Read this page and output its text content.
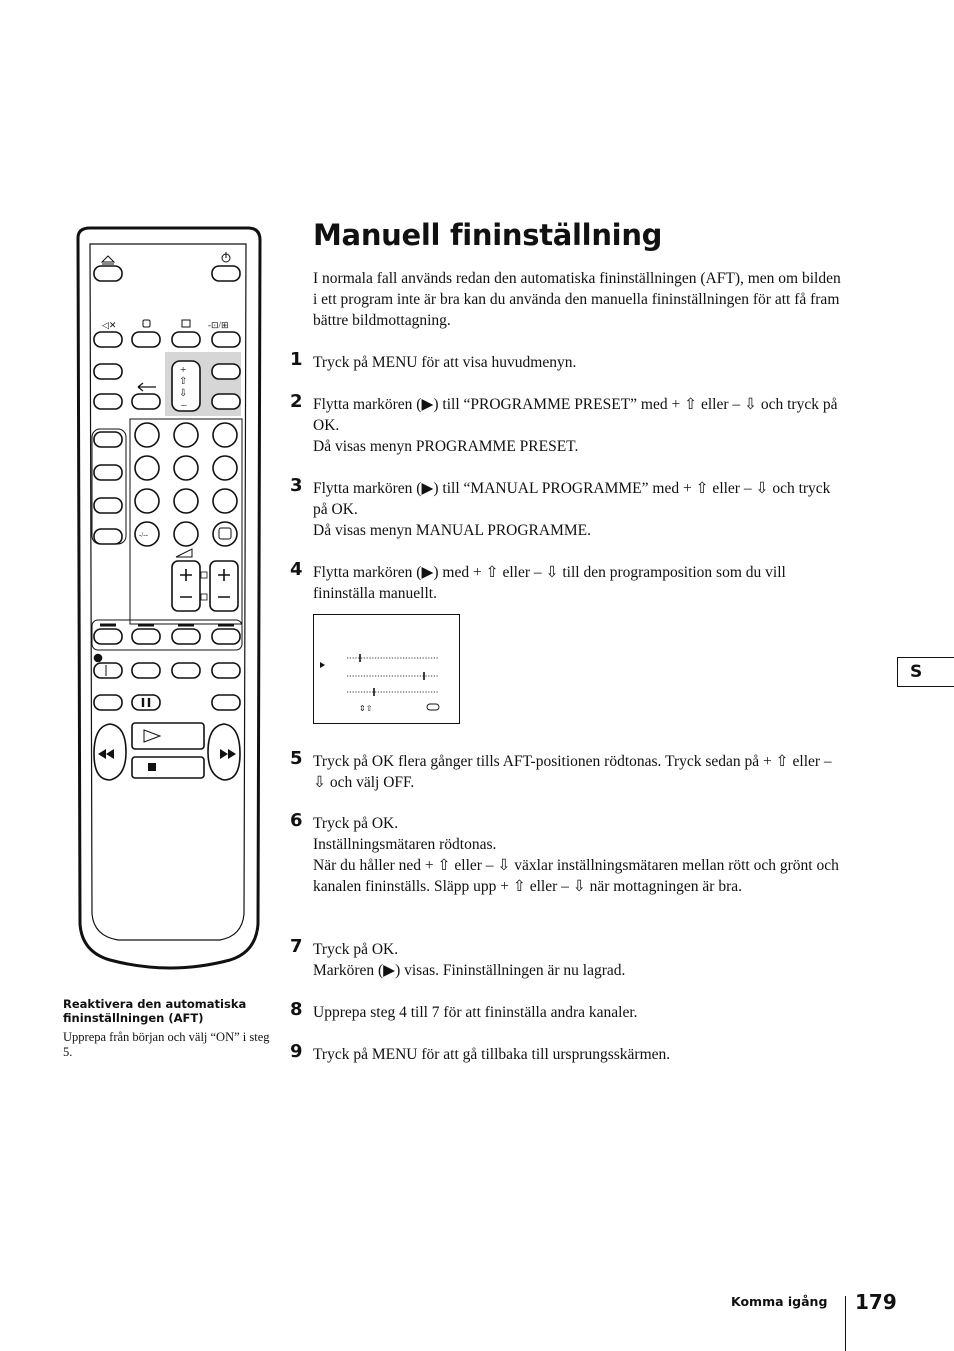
Manuell fininställning

I normala fall används redan den automatiska fininställningen (AFT), men om bilden i ett program inte är bra kan du använda den manuella fininställningen för att få fram bättre bildmottagning.

1 Tryck på MENU för att visa huvudmenyn.
2 Flytta markören (▶) till “PROGRAMME PRESET” med + ⇧ eller – ⇩ och tryck på OK.
Då visas menyn PROGRAMME PRESET.
3 Flytta markören (▶) till “MANUAL PROGRAMME” med + ⇧ eller – ⇩ och tryck på OK.
Då visas menyn MANUAL PROGRAMME.
4 Flytta markören (▶) med + ⇧ eller – ⇩ till den programposition som du vill fininställa manuellt.
⇕⇧
5 Tryck på OK flera gånger tills AFT-positionen rödtonas. Tryck sedan på + ⇧ eller – ⇩ och välj OFF.
6 Tryck på OK.
Inställningsmätaren rödtonas.
När du håller ned + ⇧ eller – ⇩ växlar inställningsmätaren mellan rött och grönt och kanalen fininställs. Släpp upp + ⇧ eller – ⇩ när mottagningen är bra.
7 Tryck på OK.
Markören (▶) visas. Fininställningen är nu lagrad.
8 Upprepa steg 4 till 7 för att fininställa andra kanaler.
9 Tryck på MENU för att gå tillbaka till ursprungsskärmen.
S
Reaktivera den automatiska fininställningen (AFT)
Upprepa från början och välj “ON” i steg 5.
Komma igång 179
◁✕	-⊡/⊞
+
⇧
⇩
–
-/--
